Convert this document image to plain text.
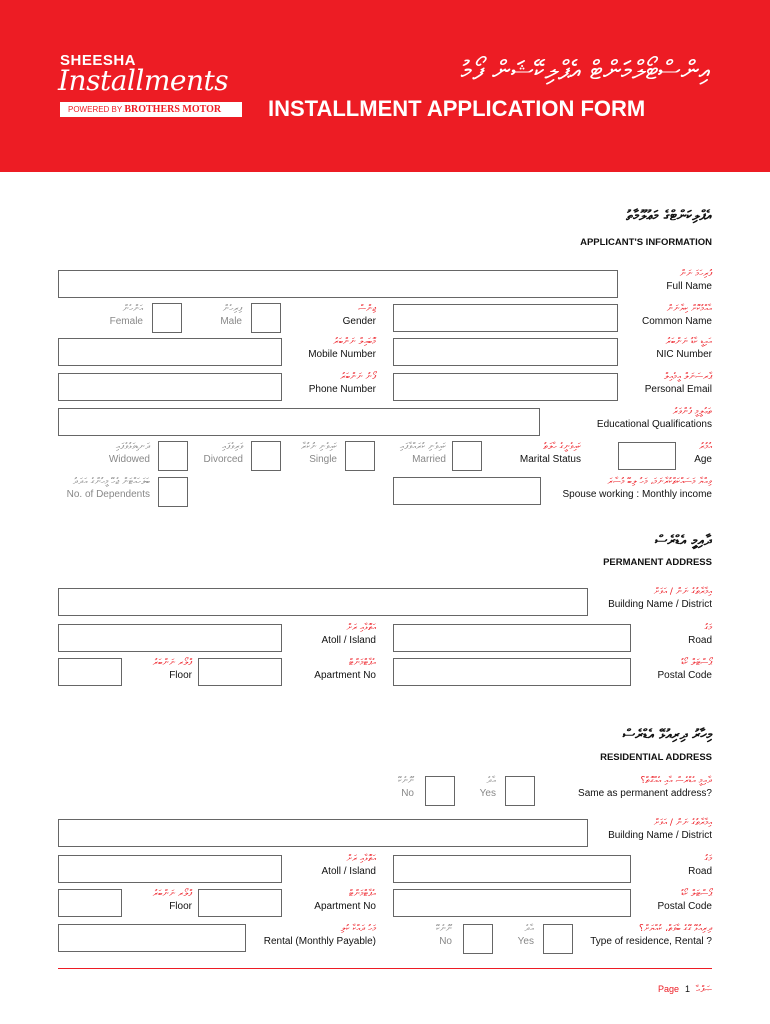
SHEESHA
Installments
POWERED BY BROTHERS MOTOR
އިންސްޓޯލްމަންޓް އެޕްލިކޭޝަން ފޯމު
INSTALLMENT APPLICATION FORM
އެޕްލިކަންޓްގެ މަޢުލޫމާތު
APPLICANT'S INFORMATION
ފުރިހަމަ ނަން
Full Name
އާއްމުކޮށް ކިޔާނަން
Common Name
ޖިންސް
Gender
ފިރިހެން
Male
އަންހެން
Female
އައިޑީ ކާޑު ނަންބަރު
NIC Number
މޮބައިލް ނަންބަރު
Mobile Number
ޕާރސަނަލް އީމެއިލް
Personal Email
ފޯނު ނަންބަރު
Phone Number
ތަޢުލީމީ ފެންވަރު
Educational Qualifications
އުމުރު
Age
ކައިވެނީގެ ހާލަތު
Marital Status
ކައިވެނި ކުރައްވާފައި
Married
ކައިވެނި ނުކުރާ
Single
ވަރިވެފައި
Divorced
ދަނޑިވަޅުވެފައި
Widowed
ވިއްޔާ މަސައްކަތްކުރާނަމަ، މަހު ލިބޭ މުސާރަ
Spouse working : Monthly income
ބަލަހައްޓަން ޖެހޭ މީހުންގެ އަދަދު
No. of Dependents
ދާއިމީ އެޑްރެސް
PERMANENT ADDRESS
އިމާރާތުގެ ނަން / އަވަށް
Building Name / District
މަގު
Road
އަތޮޅާއި ރަށް
Atoll / Island
ޕޯސްޓަލް ކޯޑު
Postal Code
އެޕާޓްމަންޓް
Apartment No
ފްލޯރ ނަންބަރު
Floor
މިހާރު ދިރިއުޅޭ އެޑްރެސް
RESIDENTIAL ADDRESS
ދާއިމީ އެޑްރެސް އާއި އެއްގޮތް؟
Same as permanent address?
އާދެ
Yes
ނޫނެކޭ
No
އިމާރާތުގެ ނަން / އަވަށް
Building Name / District
މަގު
Road
އަތޮޅާއި ރަށް
Atoll / Island
ޕޯސްޓަލް ކޯޑު
Postal Code
އެޕާޓްމަންޓް
Apartment No
ފްލޯރ ނަންބަރު
Floor
ދިރިއުޅޭ ގޭގެ ބާވަތް، ކުއްޔަށް؟
Type of residence, Rental ?
އާދެ
Yes
ނޫނެކޭ
No
މަހު ދައްކާ ކުލި
Rental (Monthly Payable)
Page 1 ޞަފްޙާ
